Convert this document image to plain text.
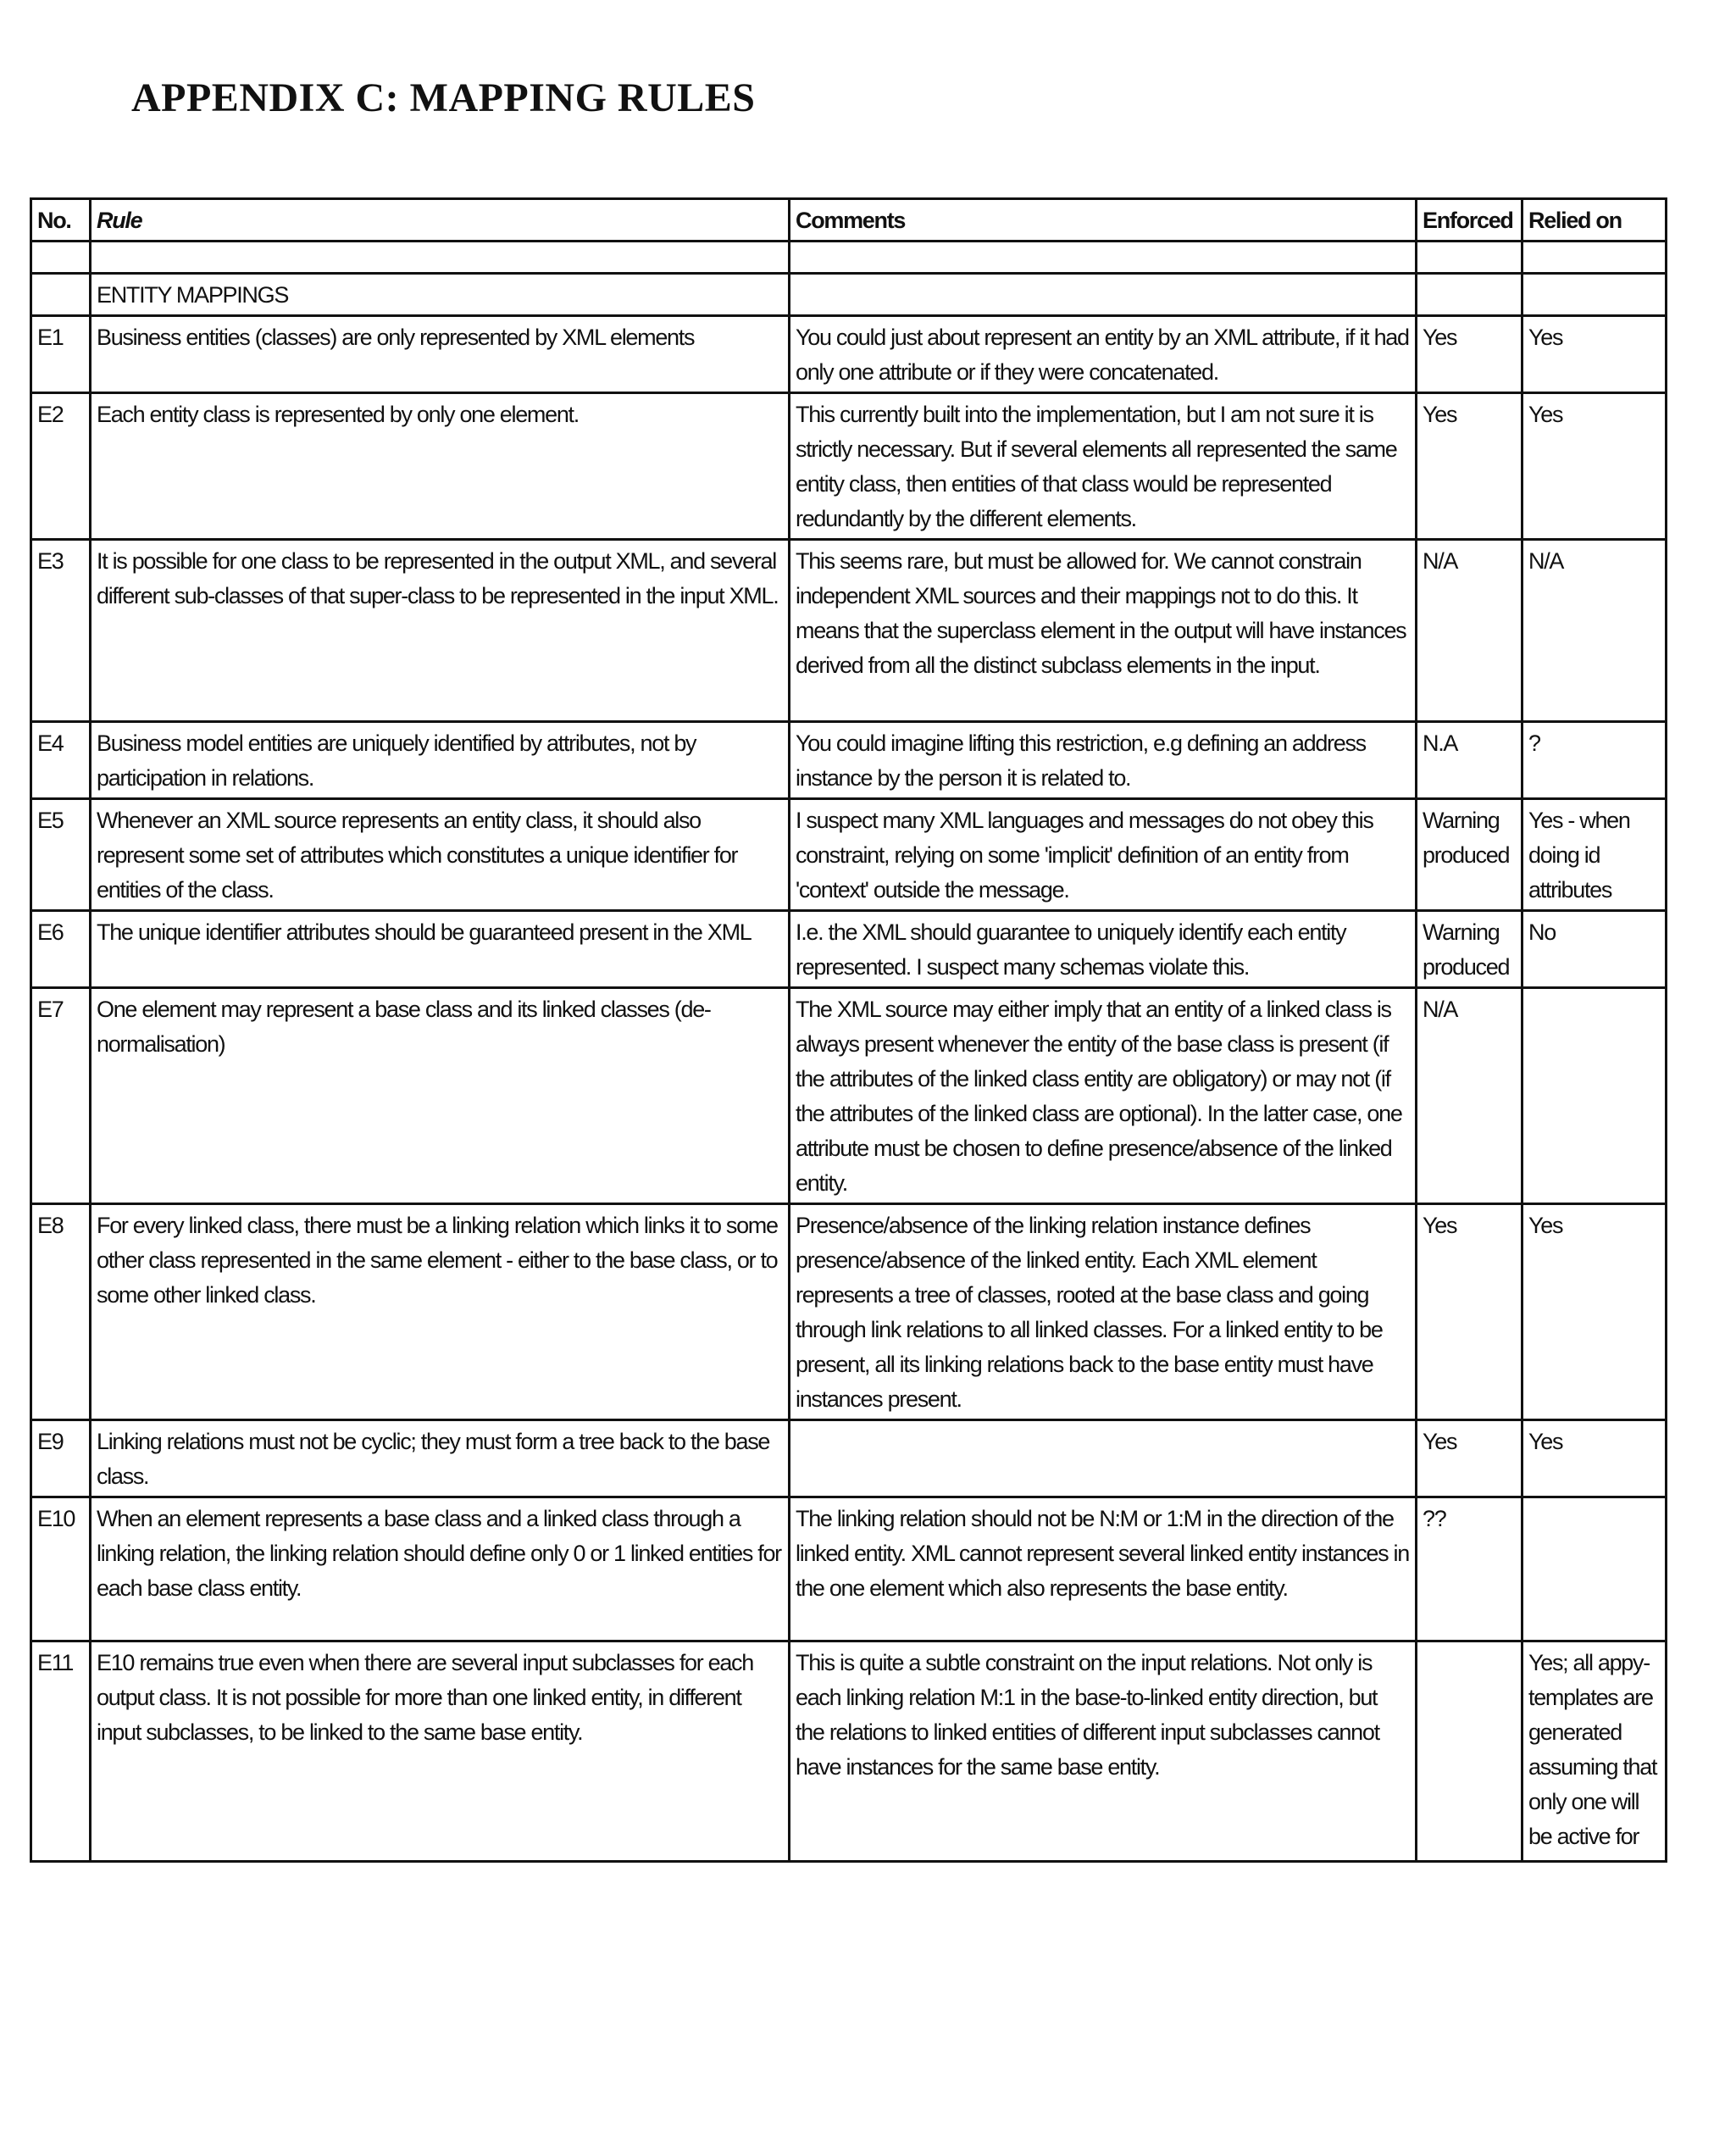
APPENDIX C: MAPPING RULES
No.	Rule	Comments	Enforced	Relied on

	ENTITY MAPPINGS			
E1	Business entities (classes) are only represented by XML elements	You could just about represent an entity by an XML attribute, if it had only one attribute or if they were concatenated.	Yes	Yes
E2	Each entity class is represented by only one element.	This currently built into the implementation, but I am not sure it is strictly necessary. But if several elements all represented the same entity class, then entities of that class would be represented redundantly by the different elements.	Yes	Yes
E3	It is possible for one class to be represented in the output XML, and several different sub-classes of that super-class to be represented in the input XML.	This seems rare, but must be allowed for. We cannot constrain independent XML sources and their mappings not to do this. It means that the superclass element in the output will have instances derived from all the distinct subclass elements in the input.	N/A	N/A
E4	Business model entities are uniquely identified by attributes, not by participation in relations.	You could imagine lifting this restriction, e.g defining an address instance by the person it is related to.	N.A	?
E5	Whenever an XML source represents an entity class, it should also represent some set of attributes which constitutes a unique identifier for entities of the class.	I suspect many XML languages and messages do not obey this constraint, relying on some 'implicit' definition of an entity from 'context' outside the message.	Warning produced	Yes - when doing id attributes
E6	The unique identifier attributes should be guaranteed present in the XML	I.e. the XML should guarantee to uniquely identify each entity represented. I suspect many schemas violate this.	Warning produced	No
E7	One element may represent a base class and its linked classes (de-normalisation)	The XML source may either imply that an entity of a linked class is always present whenever the entity of the base class is present (if the attributes of the linked class entity are obligatory) or may not (if the attributes of the linked class are optional). In the latter case, one attribute must be chosen to define presence/absence of the linked entity.	N/A	
E8	For every linked class, there must be a linking relation which links it to some other class represented in the same element - either to the base class, or to some other linked class.	Presence/absence of the linking relation instance defines presence/absence of the linked entity. Each XML element represents a tree of classes, rooted at the base class and going through link relations to all linked classes. For a linked entity to be present, all its linking relations back to the base entity must have instances present.	Yes	Yes
E9	Linking relations must not be cyclic; they must form a tree back to the base class.		Yes	Yes
E10	When an element represents a base class and a linked class through a linking relation, the linking relation should define only 0 or 1 linked entities for each base class entity.	The linking relation should not be N:M or 1:M in the direction of the linked entity. XML cannot represent several linked entity instances in the one element which also represents the base entity.	??	
E11	E10 remains true even when there are several input subclasses for each output class. It is not possible for more than one linked entity, in different input subclasses, to be linked to the same base entity.	This is quite a subtle constraint on the input relations. Not only is each linking relation M:1 in the base-to-linked entity direction, but the relations to linked entities of different input subclasses cannot have instances for the same base entity.		Yes; all appy-templates are generated assuming that only one will be active for
